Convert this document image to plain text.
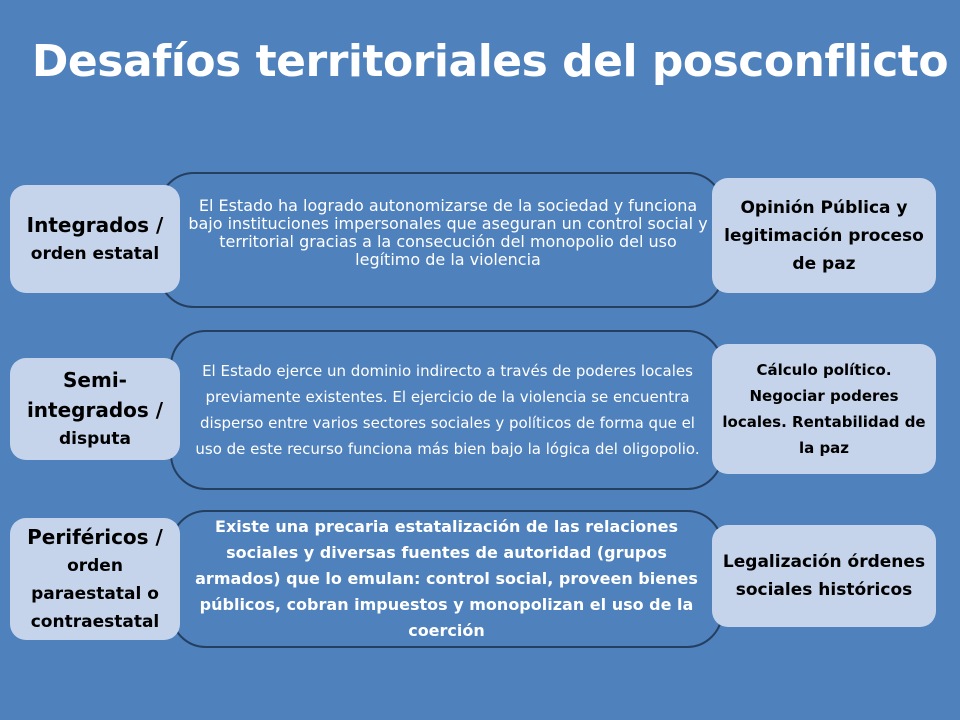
Desafíos territoriales del posconflicto
El Estado ha logrado autonomizarse de la sociedad y funciona bajo instituciones impersonales que aseguran un control social y territorial gracias a la consecución del monopolio del uso legítimo de la violencia
Integrados /
orden estatal
Opinión Pública y legitimación proceso de paz
El Estado ejerce un dominio indirecto a través de poderes locales previamente existentes. El ejercicio de la violencia se encuentra disperso entre varios sectores sociales y políticos de forma que el uso de este recurso funciona más bien bajo la lógica del oligopolio.
Semi-
integrados /
disputa
Cálculo político. Negociar poderes locales. Rentabilidad de la paz
Existe una precaria estatalización de las relaciones sociales y diversas fuentes de autoridad (grupos armados) que lo emulan: control social, proveen bienes públicos, cobran impuestos y monopolizan el uso de la coerción
Periféricos /
orden paraestatal o contraestatal
Legalización órdenes sociales históricos
